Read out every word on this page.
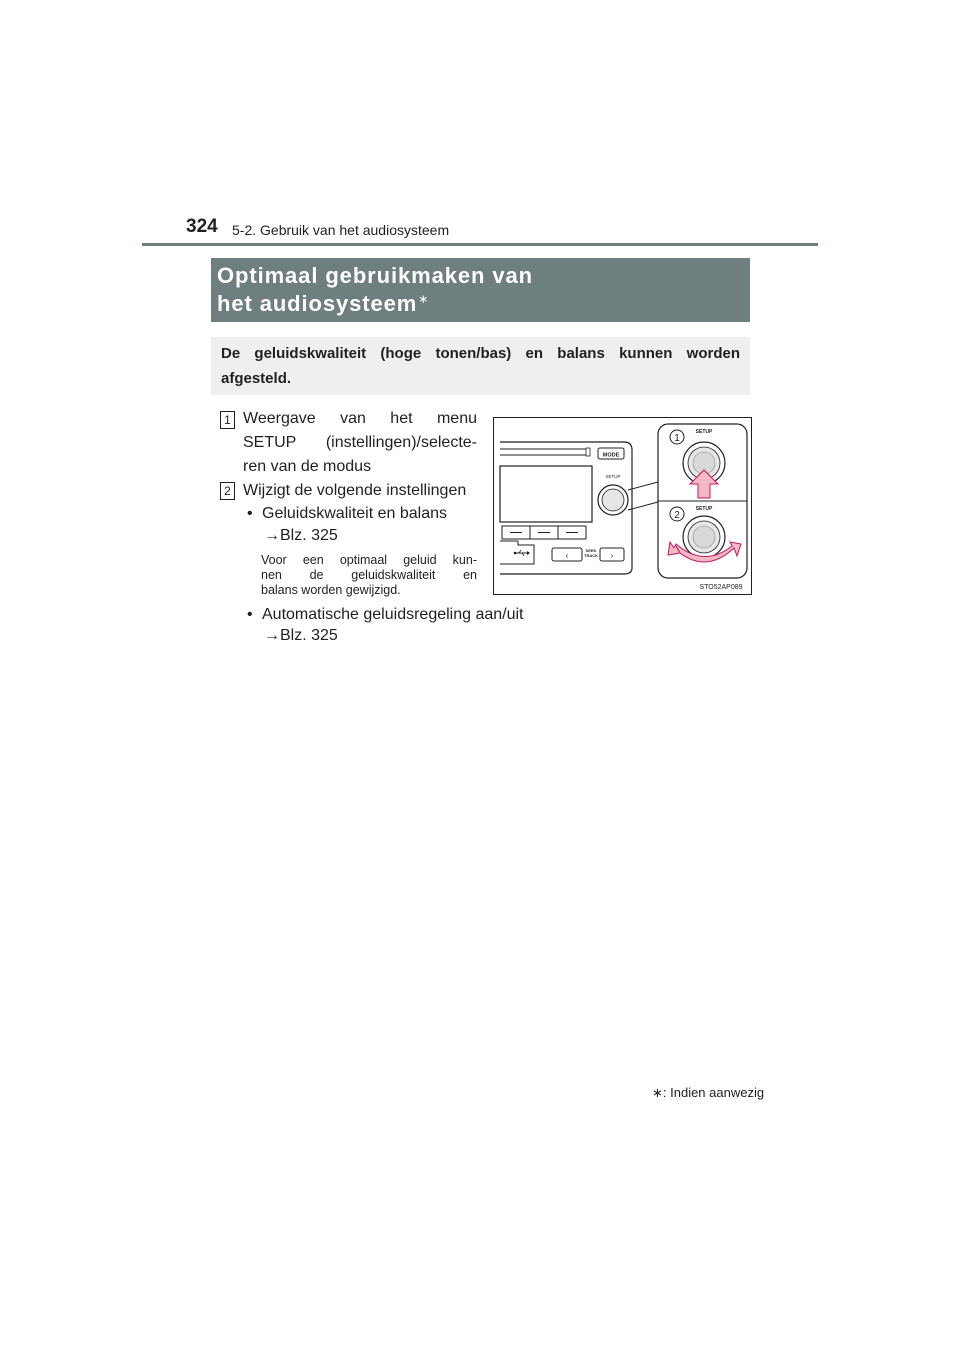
324 5-2. Gebruik van het audiosysteem
Optimaal gebruikmaken van
het audiosysteem∗
De geluidskwaliteit (hoge tonen/bas) en balans kunnen worden
afgesteld.
1 Weergave van het menu
SETUP (instellingen)/selecte-
ren van de modus
2 Wijzigt de volgende instellingen
• Geluidskwaliteit en balans
→Blz. 325
Voor een optimaal geluid kun-
nen de geluidskwaliteit en
balans worden gewijzigd.
• Automatische geluidsregeling aan/uit
→Blz. 325
MODE
SETUP
‹
SEEK
TRACK ›
1
SETUP
2
SETUP
STO52AP089
∗: Indien aanwezig
